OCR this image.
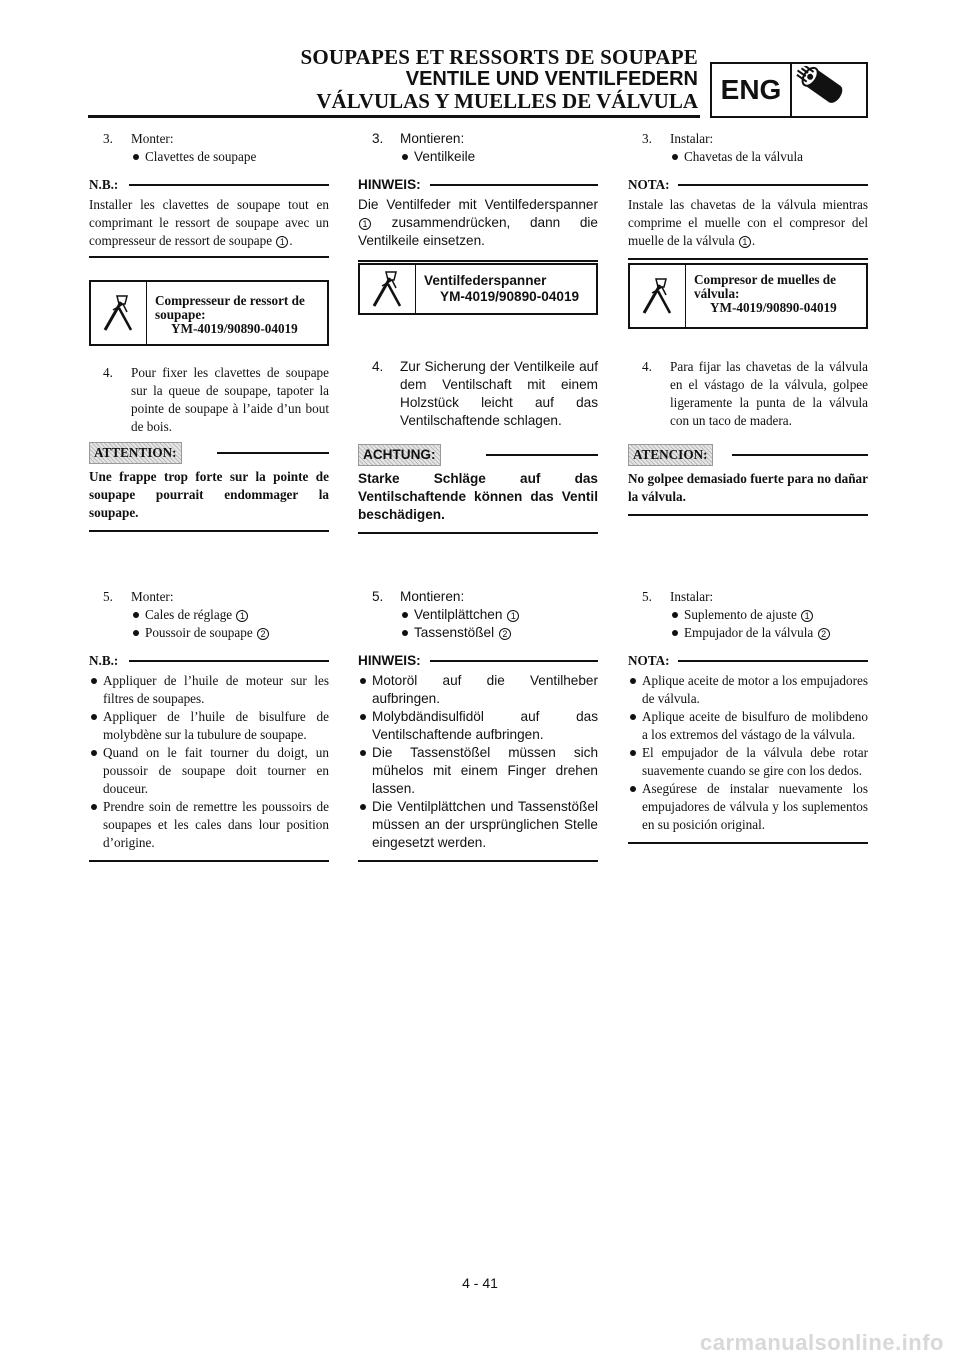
SOUPAPES ET RESSORTS DE SOUPAPE
VENTILE UND VENTILFEDERN
VÁLVULAS Y MUELLES DE VÁLVULA ENG
3. Monter:
Clavettes de soupape
N.B.:
Installer les clavettes de soupape tout en comprimant le ressort de soupape avec un compresseur de ressort de soupape 1 .
Compresseur de ressort de soupape:
YM-4019/90890-04019
4. Pour fixer les clavettes de soupape sur la queue de soupape, tapoter la pointe de soupape à l’aide d’un bout de bois.
ATTENTION:
Une frappe trop forte sur la pointe de soupape pourrait endommager la soupape.
5. Monter:
Cales de réglage 1
Poussoir de soupape 2
N.B.:
Appliquer de l’huile de moteur sur les filtres de soupapes.
Appliquer de l’huile de bisulfure de molybdène sur la tubulure de soupape.
Quand on le fait tourner du doigt, un poussoir de soupape doit tourner en douceur.
Prendre soin de remettre les poussoirs de soupapes et les cales dans lour position d’origine.
3. Montieren:
Ventilkeile
HINWEIS:
Die Ventilfeder mit Ventilfederspanner 1 zusammendrücken, dann die Ventilkeile einsetzen.
Ventilfederspanner
YM-4019/90890-04019
4. Zur Sicherung der Ventilkeile auf dem Ventilschaft mit einem Holzstück leicht auf das Ventilschaftende schlagen.
ACHTUNG:
Starke Schläge auf das Ventilschaftende können das Ventil beschädigen.
5. Montieren:
Ventilplättchen 1
Tassenstößel 2
HINWEIS:
Motoröl auf die Ventilheber aufbringen.
Molybdändisulfidöl auf das Ventilschaftende aufbringen.
Die Tassenstößel müssen sich mühelos mit einem Finger drehen lassen.
Die Ventilplättchen und Tassenstößel müssen an der ursprünglichen Stelle eingesetzt werden.
3. Instalar:
Chavetas de la válvula
NOTA:
Instale las chavetas de la válvula mientras comprime el muelle con el compresor del muelle de la válvula 1 .
Compresor de muelles de válvula:
YM-4019/90890-04019
4. Para fijar las chavetas de la válvula en el vástago de la válvula, golpee ligeramente la punta de la válvula con un taco de madera.
ATENCION:
No golpee demasiado fuerte para no dañar la válvula.
5. Instalar:
Suplemento de ajuste 1
Empujador de la válvula 2
NOTA:
Aplique aceite de motor a los empujadores de válvula.
Aplique aceite de bisulfuro de molibdeno a los extremos del vástago de la válvula.
El empujador de la válvula debe rotar suavemente cuando se gire con los dedos.
Asegúrese de instalar nuevamente los empujadores de válvula y los suplementos en su posición original.
4 - 41
carmanualsonline.info
